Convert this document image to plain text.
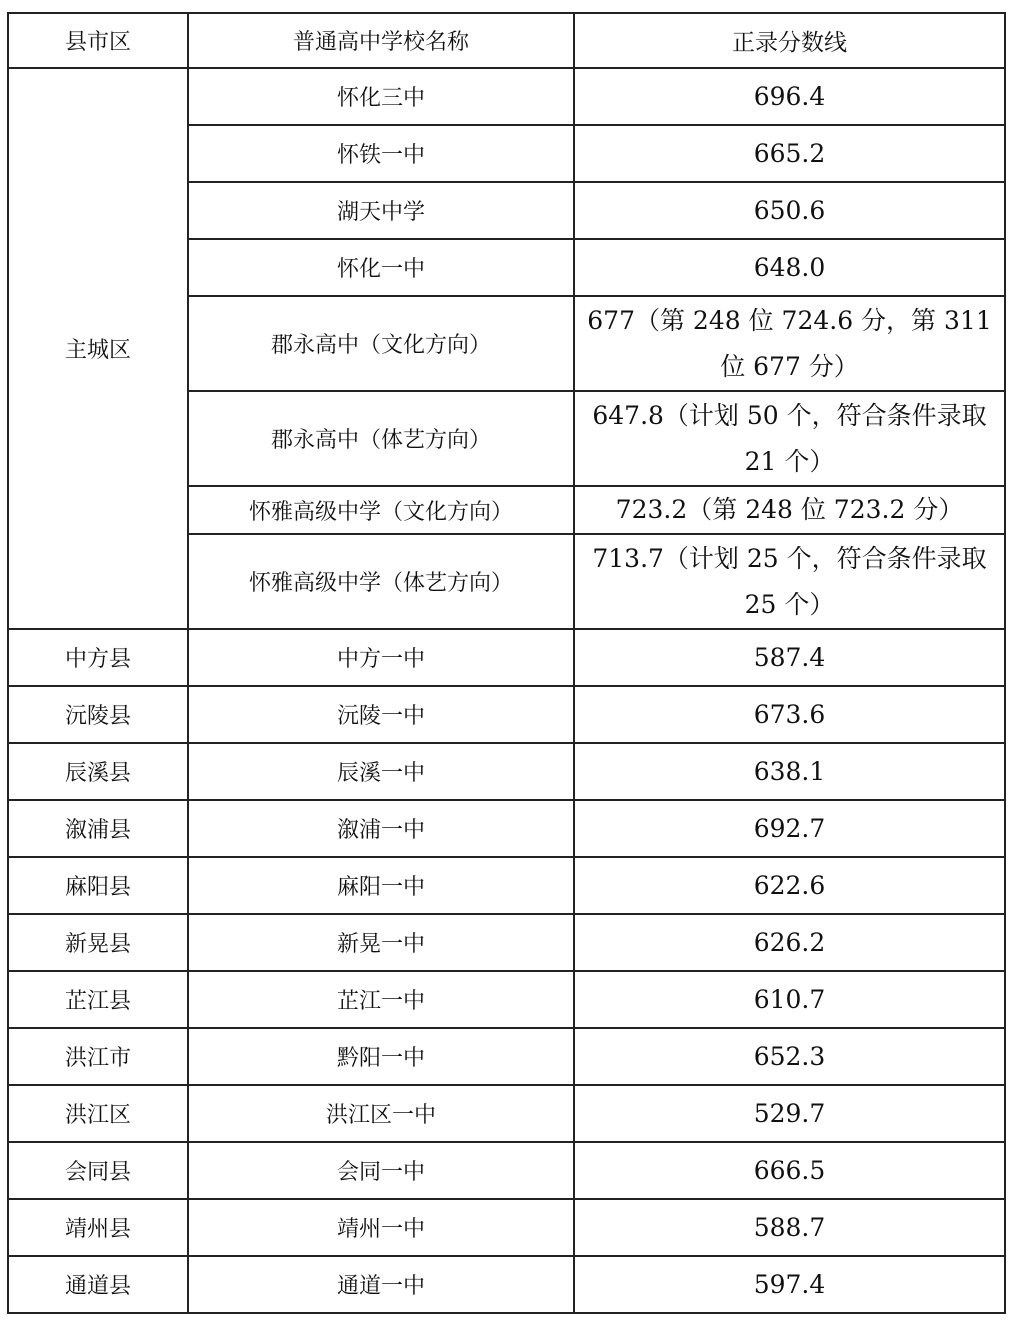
县市区	普通高中学校名称	正录分数线
主城区	怀化三中	696.4
	怀铁一中	665.2
	湖天中学	650.6
	怀化一中	648.0
	郡永高中（文化方向）	677（第 248 位 724.6 分，第 311 位 677 分）
	郡永高中（体艺方向）	647.8（计划 50 个，符合条件录取 21 个）
	怀雅高级中学（文化方向）	723.2（第 248 位 723.2 分）
	怀雅高级中学（体艺方向）	713.7（计划 25 个，符合条件录取 25 个）
中方县	中方一中	587.4
沅陵县	沅陵一中	673.6
辰溪县	辰溪一中	638.1
溆浦县	溆浦一中	692.7
麻阳县	麻阳一中	622.6
新晃县	新晃一中	626.2
芷江县	芷江一中	610.7
洪江市	黔阳一中	652.3
洪江区	洪江区一中	529.7
会同县	会同一中	666.5
靖州县	靖州一中	588.7
通道县	通道一中	597.4
